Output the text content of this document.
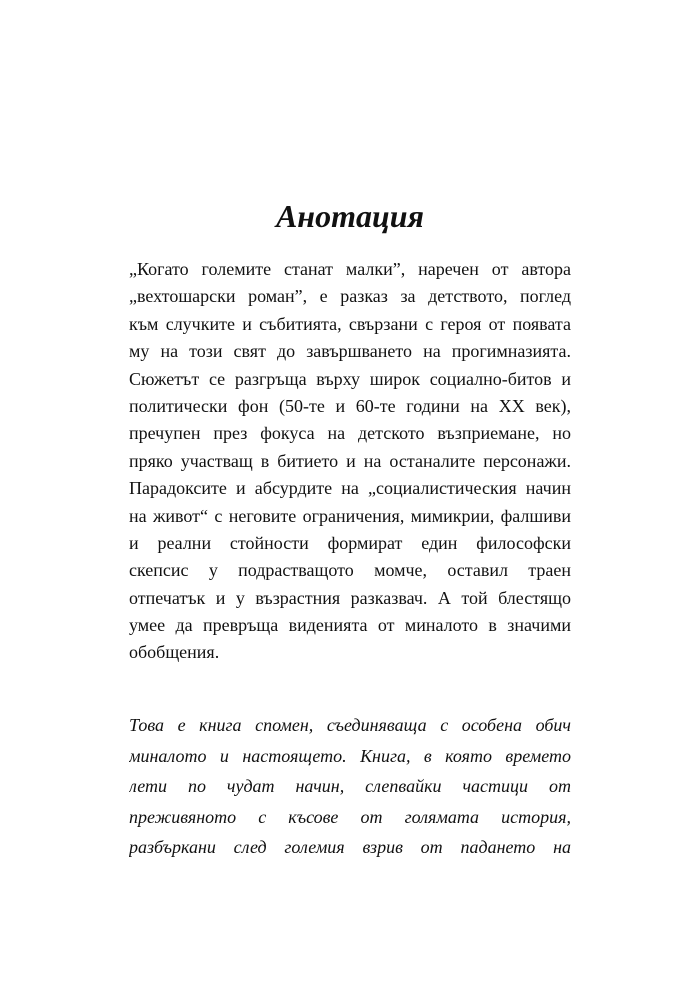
Анотация
„Когато големите станат малки”, наречен от автора
„вехтошарски роман”, е разказ за детството, поглед
към случките и събитията, свързани с героя от появата
му на този свят до завършването на прогимназията.
Сюжетът се разгръща върху широк социално-битов и
политически фон (50-те и 60-те години на XX век),
пречупен през фокуса на детското възприемане, но
пряко участващ в битието и на останалите персонажи.
Парадоксите и абсурдите на „социалистическия начин
на живот“ с неговите ограничения, мимикрии, фалшиви
и реални стойности формират един философски
скепсис у подрастващото момче, оставил траен
отпечатък и у възрастния разказвач. А той блестящо
умее да превръща виденията от миналото в значими
обобщения.
Това е книга спомен, съединяваща с особена обич
миналото и настоящето. Книга, в която времето
лети по чудат начин, слепвайки частици от
преживяното с късове от голямата история,
разбъркани след големия взрив от падането на
